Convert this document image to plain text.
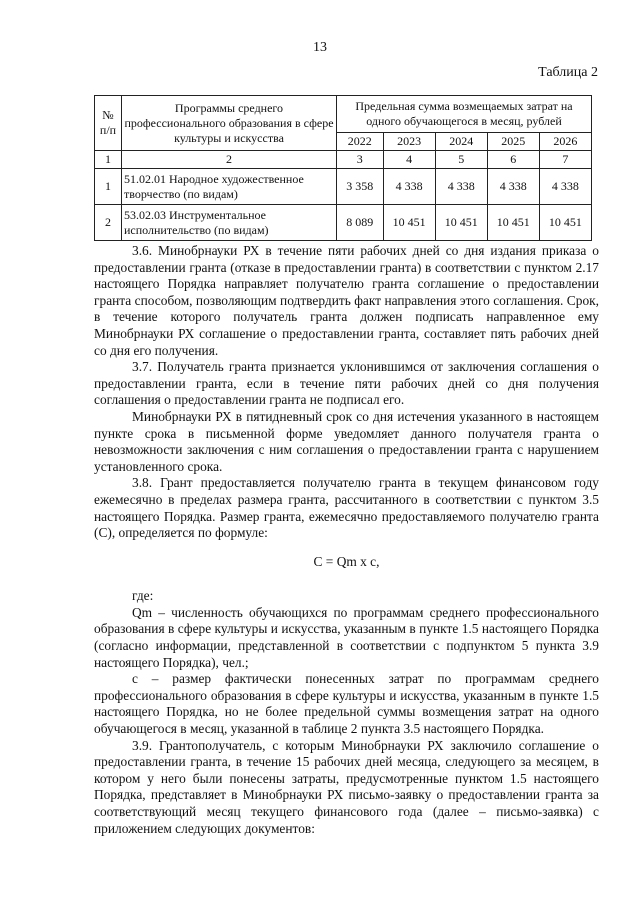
13
Таблица 2
№
п/п	Программы среднего профессионального образования в сфере культуры и искусства	Предельная сумма возмещаемых затрат на одного обучающегося в месяц, рублей				
		2022	2023	2024	2025	2026
1	2	3	4	5	6	7
1	51.02.01 Народное художественное творчество (по видам)	3 358	4 338	4 338	4 338	4 338
2	53.02.03 Инструментальное исполнительство (по видам)	8 089	10 451	10 451	10 451	10 451

3.6. Минобрнауки РХ в течение пяти рабочих дней со дня издания приказа о предоставлении гранта (отказе в предоставлении гранта) в соответствии с пунктом 2.17 настоящего Порядка направляет получателю гранта соглашение о предоставлении гранта способом, позволяющим подтвердить факт направления этого соглашения. Срок, в течение которого получатель гранта должен подписать направленное ему Минобрнауки РХ соглашение о предоставлении гранта, составляет пять рабочих дней со дня его получения.

3.7. Получатель гранта признается уклонившимся от заключения соглашения о предоставлении гранта, если в течение пяти рабочих дней со дня получения соглашения о предоставлении гранта не подписал его.

Минобрнауки РХ в пятидневный срок со дня истечения указанного в настоящем пункте срока в письменной форме уведомляет данного получателя гранта о невозможности заключения с ним соглашения о предоставлении гранта с нарушением установленного срока.

3.8. Грант предоставляется получателю гранта в текущем финансовом году ежемесячно в пределах размера гранта, рассчитанного в соответствии с пунктом 3.5 настоящего Порядка. Размер гранта, ежемесячно предоставляемого получателю гранта (С), определяется по формуле:

С = Qm х с,

где:

Qm – численность обучающихся по программам среднего профессионального образования в сфере культуры и искусства, указанным в пункте 1.5 настоящего Порядка (согласно информации, представленной в соответствии с подпунктом 5 пункта 3.9 настоящего Порядка), чел.;

с – размер фактически понесенных затрат по программам среднего профессионального образования в сфере культуры и искусства, указанным в пункте 1.5 настоящего Порядка, но не более предельной суммы возмещения затрат на одного обучающегося в месяц, указанной в таблице 2 пункта 3.5 настоящего Порядка.

3.9. Грантополучатель, с которым Минобрнауки РХ заключило соглашение о предоставлении гранта, в течение 15 рабочих дней месяца, следующего за месяцем, в котором у него были понесены затраты, предусмотренные пунктом 1.5 настоящего Порядка, представляет в Минобрнауки РХ письмо-заявку о предоставлении гранта за соответствующий месяц текущего финансового года (далее – письмо-заявка) с приложением следующих документов:
